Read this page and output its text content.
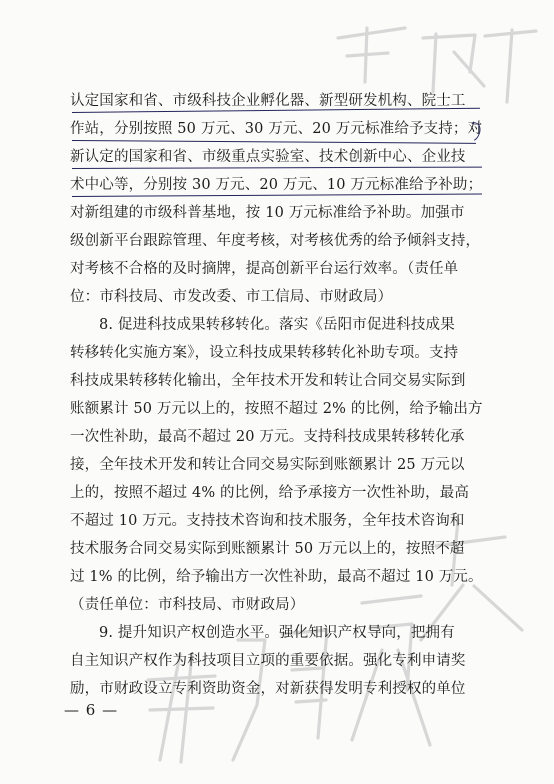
认定国家和省、市级科技企业孵化器、新型研发机构、院士工
作站，分别按照 50 万元、30 万元、20 万元标准给予支持；对
新认定的国家和省、市级重点实验室、技术创新中心、企业技
术中心等，分别按 30 万元、20 万元、10 万元标准给予补助；
对新组建的市级科普基地，按 10 万元标准给予补助。加强市
级创新平台跟踪管理、年度考核，对考核优秀的给予倾斜支持，
对考核不合格的及时摘牌，提高创新平台运行效率。（责任单
位：市科技局、市发改委、市工信局、市财政局）
8. 促进科技成果转移转化。落实《岳阳市促进科技成果
转移转化实施方案》，设立科技成果转移转化补助专项。支持
科技成果转移转化输出，全年技术开发和转让合同交易实际到
账额累计 50 万元以上的，按照不超过 2% 的比例，给予输出方
一次性补助，最高不超过 20 万元。支持科技成果转移转化承
接，全年技术开发和转让合同交易实际到账额累计 25 万元以
上的，按照不超过 4% 的比例，给予承接方一次性补助，最高
不超过 10 万元。支持技术咨询和技术服务，全年技术咨询和
技术服务合同交易实际到账额累计 50 万元以上的，按照不超
过 1% 的比例，给予输出方一次性补助，最高不超过 10 万元。
（责任单位：市科技局、市财政局）
9. 提升知识产权创造水平。强化知识产权导向，把拥有
自主知识产权作为科技项目立项的重要依据。强化专利申请奖
励，市财政设立专利资助资金，对新获得发明专利授权的单位
— 6 —
